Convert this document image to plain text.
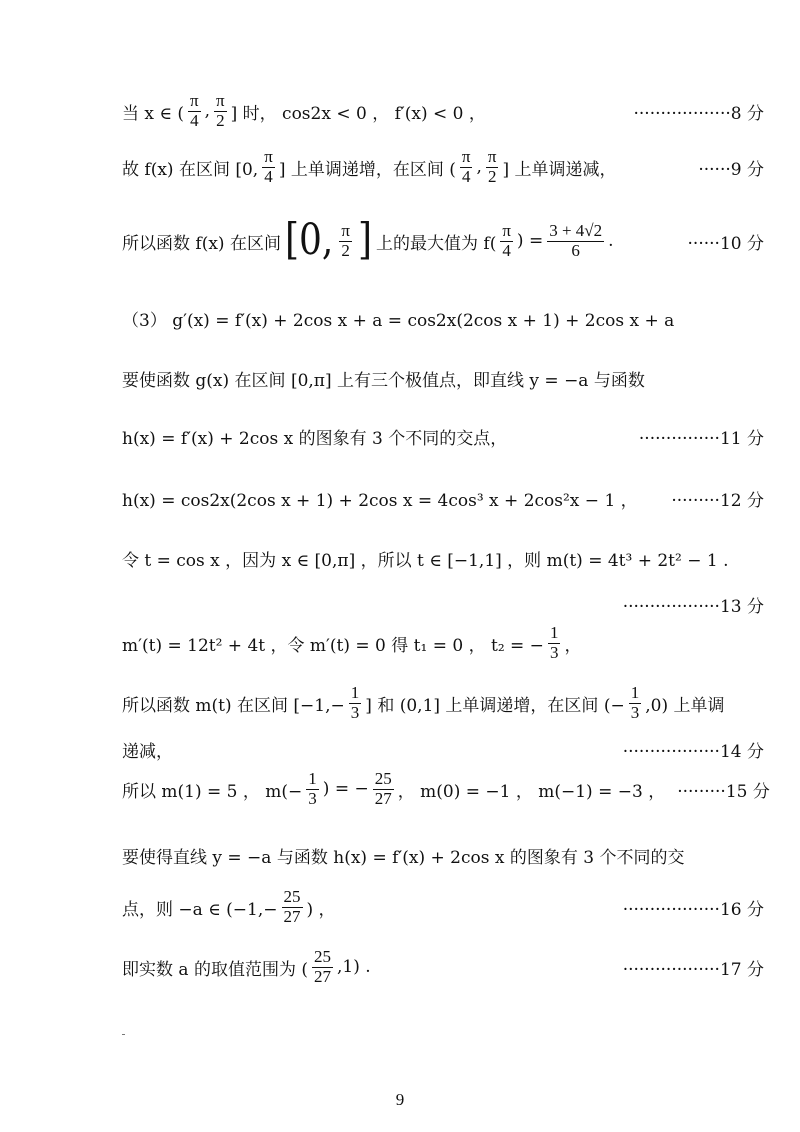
当 x ∈ ( $\frac{\pi}{4}$ , $\frac{\pi}{2}$ ] 时， cos2x < 0 ， f′(x) < 0 ，	··················8 分
故 f(x) 在区间 [0, $\frac{\pi}{4}$ ] 上单调递增，在区间 ( $\frac{\pi}{4}$ , $\frac{\pi}{2}$ ] 上单调递减，	······9 分
所以函数 f(x) 在区间 [0, $\frac{\pi}{2}$ ] 上的最大值为 $f( \frac{\pi}{4}$ ) = $\frac{3 + 4√2}{6}$ .	······10 分
（3） g′(x) = f′(x) + 2cos x + a = cos2x(2cos x + 1) + 2cos x + a
要使函数 g(x) 在区间 [0,π] 上有三个极值点，即直线 y = −a 与函数
h(x) = f′(x) + 2cos x 的图象有 3 个不同的交点，	···············11 分
h(x) = cos2x(2cos x + 1) + 2cos x = 4cos³ x + 2cos²x − 1 ， ·········12 分
令 t = cos x ，因为 x ∈ [0,π] ，所以 t ∈ [−1,1] ，则 m(t) = 4t³ + 2t² − 1 .
··················13 分
m′(t) = 12t² + 4t ，令 m′(t) = 0 得 t₁ = 0 ， t₂ = − $\frac{1}{3}$ ，
所以函数 m(t) 在区间 [$-1,- \frac{1}{3}$ ] 和 (0,1] 上单调递增，在区间 (− $\frac{1}{3} ,0$) 上单调
递减，	··················14 分
所以 m(1) = 5 ， $m(- \frac{1}{3}$ ) = − $\frac{25}{27}$ ， m(0) = −1 ， m(−1) = −3 ， ·········15 分
要使得直线 y = −a 与函数 h(x) = f′(x) + 2cos x 的图象有 3 个不同的交
点，则 −a ∈ ($-1,- \frac{25}{27}$ ) ，	··················16 分
即实数 a 的取值范围为 ( $\frac{25}{27} ,1$) .	··················17 分
9
